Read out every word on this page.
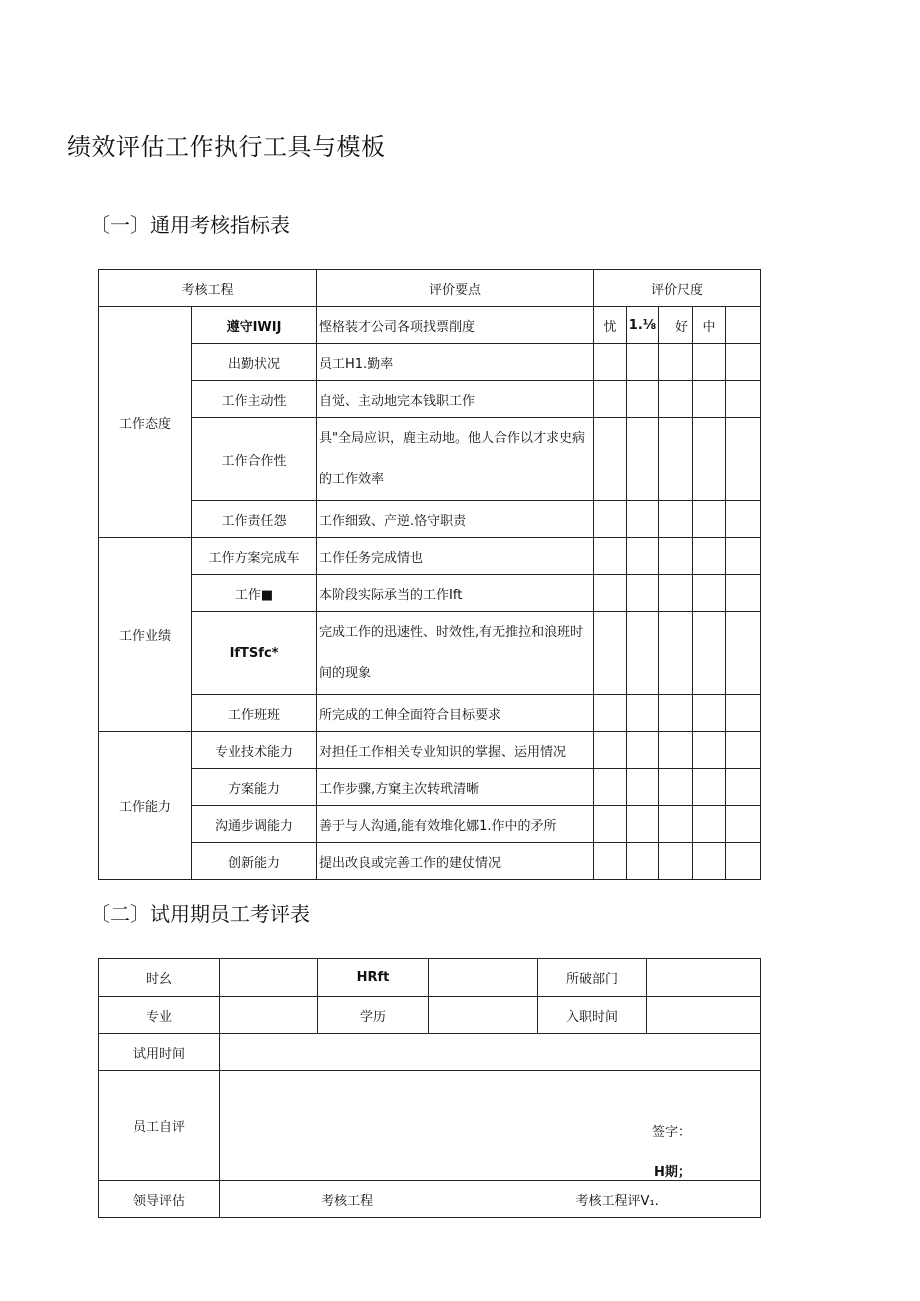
绩效评估工作执行工具与模板
〔一〕通用考核指标表
考核工程		评价要点	评价尺度				
工作态度	遵守IWIJ	悭格装才公司各项找票削度	忧	1.⅛	好	中	
	出勤状况	员工H1.勤率					
	工作主动性	自觉、主动地完本钱职工作					
	工作合作性	具"全局应识，鹿主动地。他人合作以才求史病的工作效率					
	工作责任怨	工作细致、产逆.恪守职责					
工作业绩	工作方案完成车	工作任务完成情也					
	工作■	本阶段实际承当的工作Ift					
	IfTSfc*	完成工作的迅速性、时效性,有无推拉和浪班时间的现象					
	工作班班	所完成的工伸全面符合目标要求					
工作能力	专业技术能力	对担任工作相关专业知识的掌握、运用情况					
	方案能力	工作步骤,方窠主次转玳清晰					
	沟通步调能力	善于与人沟通,能有效堆化娜1.作中的矛所					
	创新能力	提出改良或完善工作的建仗情况					
〔二〕试用期员工考评表
时幺		HRft		所破部门	
专业		学历		入职时间	
试用时间					
员工自评	签字：
H期；				

领导评估	考核工程 考核工程评V₁.				
